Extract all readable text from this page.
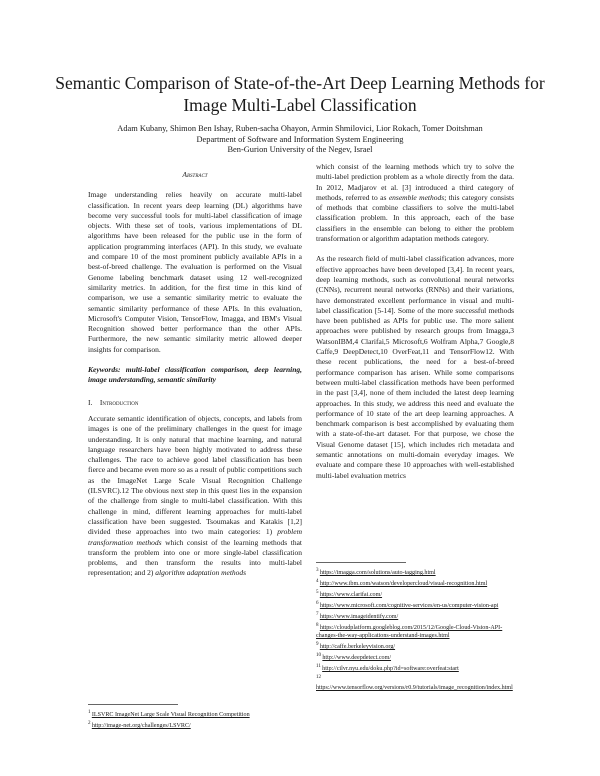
Semantic Comparison of State-of-the-Art Deep Learning Methods for Image Multi-Label Classification
Adam Kubany, Shimon Ben Ishay, Ruben-sacha Ohayon, Armin Shmilovici, Lior Rokach, Tomer Doitshman
Department of Software and Information System Engineering
Ben-Gurion University of the Negev, Israel
Abstract

Image understanding relies heavily on accurate multi-label classification. In recent years deep learning (DL) algorithms have become very successful tools for multi-label classification of image objects. With these set of tools, various implementations of DL algorithms have been released for the public use in the form of application programming interfaces (API). In this study, we evaluate and compare 10 of the most prominent publicly available APIs in a best-of-breed challenge. The evaluation is performed on the Visual Genome labeling benchmark dataset using 12 well-recognized similarity metrics. In addition, for the first time in this kind of comparison, we use a semantic similarity metric to evaluate the semantic similarity performance of these APIs. In this evaluation, Microsoft's Computer Vision, TensorFlow, Imagga, and IBM's Visual Recognition showed better performance than the other APIs. Furthermore, the new semantic similarity metric allowed deeper insights for comparison.

Keywords: multi-label classification comparison, deep learning, image understanding, semantic similarity

I. Introduction

Accurate semantic identification of objects, concepts, and labels from images is one of the preliminary challenges in the quest for image understanding. It is only natural that machine learning, and natural language researchers have been highly motivated to address these challenges. The race to achieve good label classification has been fierce and became even more so as a result of public competitions such as the ImageNet Large Scale Visual Recognition Challenge (ILSVRC).12 The obvious next step in this quest lies in the expansion of the challenge from single to multi-label classification. With this challenge in mind, different learning approaches for multi-label classification have been suggested. Tsoumakas and Katakis [1,2] divided these approaches into two main categories: 1) problem transformation methods which consist of the learning methods that transform the problem into one or more single-label classification problems, and then transform the results into multi-label representation; and 2) algorithm adaptation methods

which consist of the learning methods which try to solve the multi-label prediction problem as a whole directly from the data. In 2012, Madjarov et al. [3] introduced a third category of methods, referred to as ensemble methods; this category consists of methods that combine classifiers to solve the multi-label classification problem. In this approach, each of the base classifiers in the ensemble can belong to either the problem transformation or algorithm adaptation methods category.

As the research field of multi-label classification advances, more effective approaches have been developed [3,4]. In recent years, deep learning methods, such as convolutional neural networks (CNNs), recurrent neural networks (RNNs) and their variations, have demonstrated excellent performance in visual and multi-label classification [5-14]. Some of the more successful methods have been published as APIs for public use. The more salient approaches were published by research groups from Imagga,3 WatsonIBM,4 Clarifai,5 Microsoft,6 Wolfram Alpha,7 Google,8 Caffe,9 DeepDetect,10 OverFeat,11 and TensorFlow12. With these recent publications, the need for a best-of-breed performance comparison has arisen. While some comparisons between multi-label classification methods have been performed in the past [3,4], none of them included the latest deep learning approaches. In this study, we address this need and evaluate the performance of 10 state of the art deep learning approaches. A benchmark comparison is best accomplished by evaluating them with a state-of-the-art dataset. For that purpose, we chose the Visual Genome dataset [15], which includes rich metadata and semantic annotations on multi-domain everyday images. We evaluate and compare these 10 approaches with well-established multi-label evaluation metrics

$^3$ https://imagga.com/solutions/auto-tagging.html
$^4$ http://www.ibm.com/watson/developercloud/visual-recognition.html
$^5$ https://www.clarifai.com/
$^6$ https://www.microsoft.com/cognitive-services/en-us/computer-vision-api
$^7$ https://www.imageidentify.com/
$^8$ https://cloudplatform.googleblog.com/2015/12/Google-Cloud-Vision-API-changes-the-way-applications-understand-images.html
$^9$ http://caffe.berkeleyvision.org/
$^{10}$ http://www.deepdetect.com/
$^{11}$ http://cilvr.nyu.edu/doku.php?id=software:overfeat:start
$^{12}$ https://www.tensorflow.org/versions/r0.9/tutorials/image_recognition/index.html
$^1$ ILSVRC ImageNet Large Scale Visual Recognition Competition
$^2$ http://image-net.org/challenges/LSVRC/
